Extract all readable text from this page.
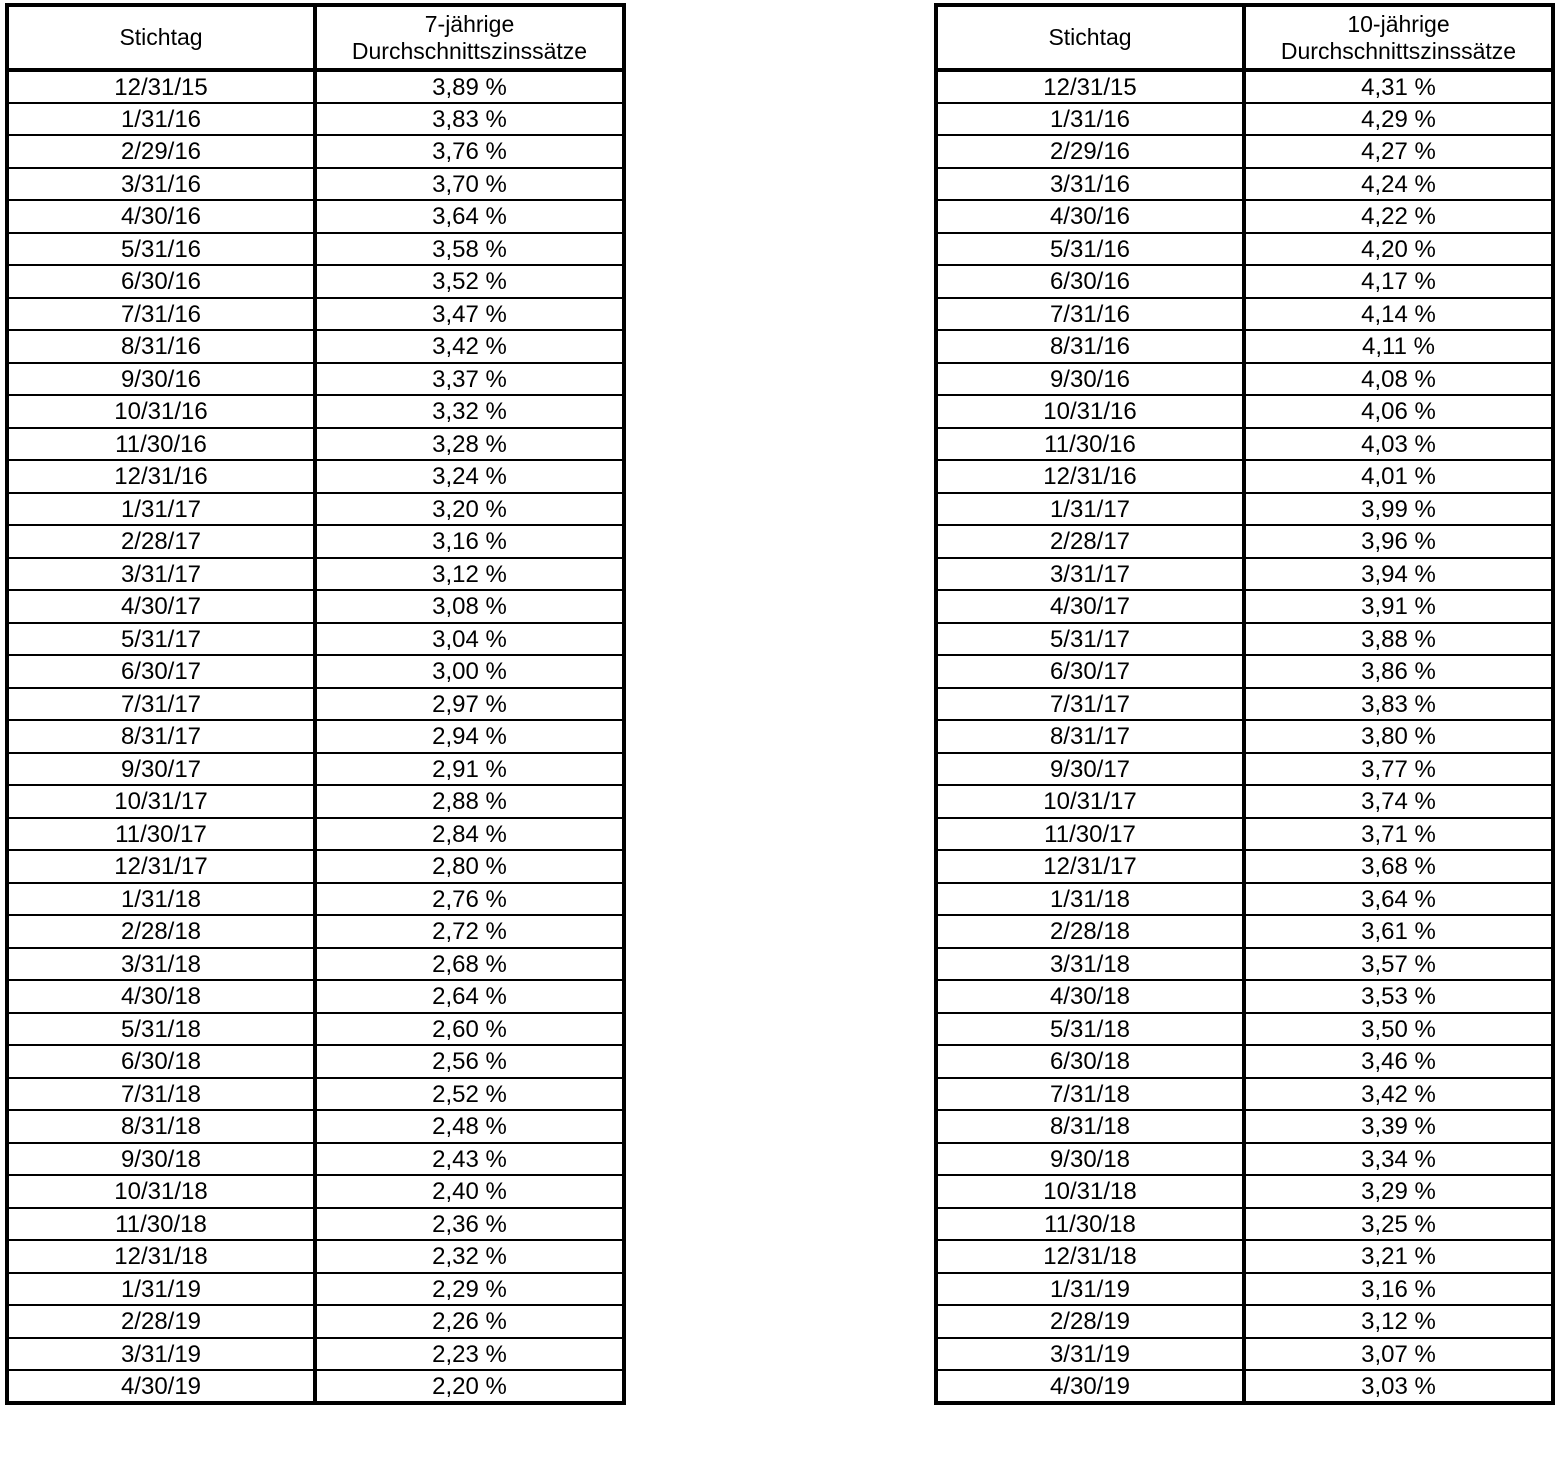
Stichtag	7-jährige
Durchschnittszinssätze

12/31/15	3,89 %
1/31/16	3,83 %
2/29/16	3,76 %
3/31/16	3,70 %
4/30/16	3,64 %
5/31/16	3,58 %
6/30/16	3,52 %
7/31/16	3,47 %
8/31/16	3,42 %
9/30/16	3,37 %
10/31/16	3,32 %
11/30/16	3,28 %
12/31/16	3,24 %
1/31/17	3,20 %
2/28/17	3,16 %
3/31/17	3,12 %
4/30/17	3,08 %
5/31/17	3,04 %
6/30/17	3,00 %
7/31/17	2,97 %
8/31/17	2,94 %
9/30/17	2,91 %
10/31/17	2,88 %
11/30/17	2,84 %
12/31/17	2,80 %
1/31/18	2,76 %
2/28/18	2,72 %
3/31/18	2,68 %
4/30/18	2,64 %
5/31/18	2,60 %
6/30/18	2,56 %
7/31/18	2,52 %
8/31/18	2,48 %
9/30/18	2,43 %
10/31/18	2,40 %
11/30/18	2,36 %
12/31/18	2,32 %
1/31/19	2,29 %
2/28/19	2,26 %
3/31/19	2,23 %
4/30/19	2,20 %
Stichtag	10-jährige
Durchschnittszinssätze

12/31/15	4,31 %
1/31/16	4,29 %
2/29/16	4,27 %
3/31/16	4,24 %
4/30/16	4,22 %
5/31/16	4,20 %
6/30/16	4,17 %
7/31/16	4,14 %
8/31/16	4,11 %
9/30/16	4,08 %
10/31/16	4,06 %
11/30/16	4,03 %
12/31/16	4,01 %
1/31/17	3,99 %
2/28/17	3,96 %
3/31/17	3,94 %
4/30/17	3,91 %
5/31/17	3,88 %
6/30/17	3,86 %
7/31/17	3,83 %
8/31/17	3,80 %
9/30/17	3,77 %
10/31/17	3,74 %
11/30/17	3,71 %
12/31/17	3,68 %
1/31/18	3,64 %
2/28/18	3,61 %
3/31/18	3,57 %
4/30/18	3,53 %
5/31/18	3,50 %
6/30/18	3,46 %
7/31/18	3,42 %
8/31/18	3,39 %
9/30/18	3,34 %
10/31/18	3,29 %
11/30/18	3,25 %
12/31/18	3,21 %
1/31/19	3,16 %
2/28/19	3,12 %
3/31/19	3,07 %
4/30/19	3,03 %
